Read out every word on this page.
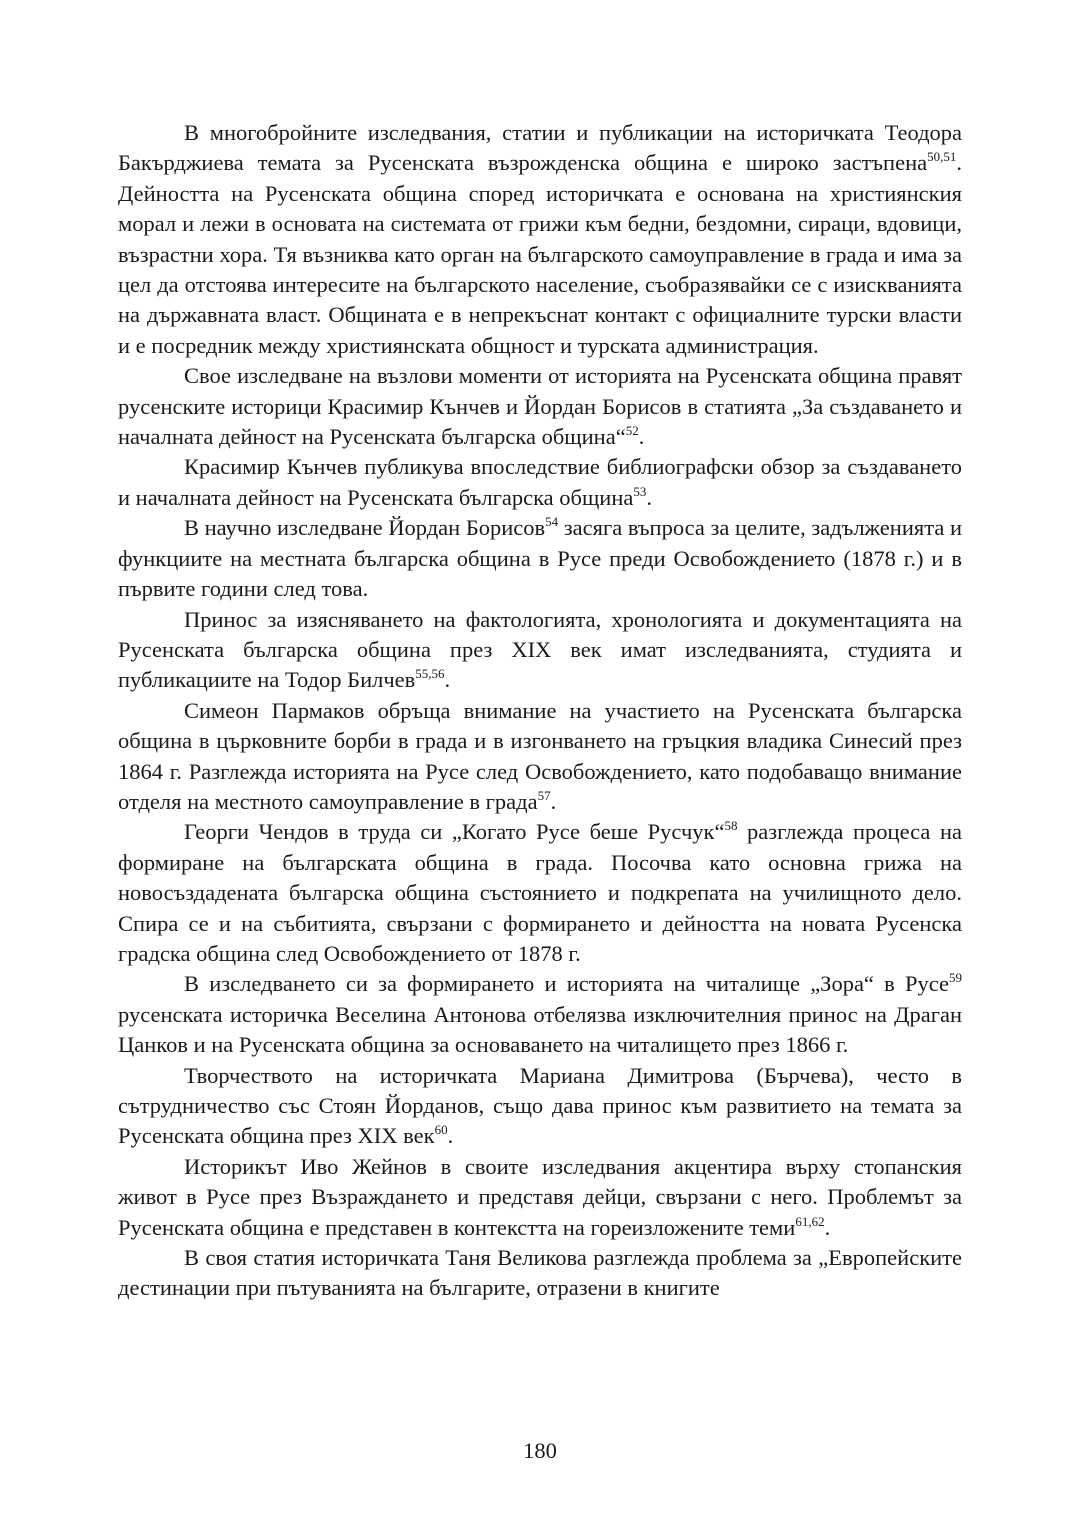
В многобройните изследвания, статии и публикации на историчката Теодора Бакърджиева темата за Русенската възрожденска община е широко застъпена$^{50,51}$. Дейността на Русенската община според историчката е основана на християнския морал и лежи в основата на системата от грижи към бедни, бездомни, сираци, вдовици, възрастни хора. Тя възниква като орган на българското самоуправление в града и има за цел да отстоява интересите на българското население, съобразявайки се с изискванията на държавната власт. Общината е в непрекъснат контакт с официалните турски власти и е посредник между християнската общност и турската администрация.

Свое изследване на възлови моменти от историята на Русенската община правят русенските историци Красимир Кънчев и Йордан Борисов в статията „За създаването и началната дейност на Русенската българска община“$^{52}$.

Красимир Кънчев публикува впоследствие библиографски обзор за създаването и началната дейност на Русенската българска община$^{53}$.

В научно изследване Йордан Борисов$^{54}$ засяга въпроса за целите, задълженията и функциите на местната българска община в Русе преди Освобождението (1878 г.) и в първите години след това.

Принос за изясняването на фактологията, хронологията и документацията на Русенската българска община през XIX век имат изследванията, студията и публикациите на Тодор Билчев$^{55,56}$.

Симеон Пармаков обръща внимание на участието на Русенската българска община в църковните борби в града и в изгонването на гръцкия владика Синесий през 1864 г. Разглежда историята на Русе след Освобождението, като подобаващо внимание отделя на местното самоуправление в града$^{57}$.

Георги Чендов в труда си „Когато Русе беше Русчук“$^{58}$ разглежда процеса на формиране на българската община в града. Посочва като основна грижа на новосъздадената българска община състоянието и подкрепата на училищното дело. Спира се и на събитията, свързани с формирането и дейността на новата Русенска градска община след Освобождението от 1878 г.

В изследването си за формирането и историята на читалище „Зора“ в Русе$^{59}$ русенската историчка Веселина Антонова отбелязва изключителния принос на Драган Цанков и на Русенската община за основаването на читалището през 1866 г.

Творчеството на историчката Мариана Димитрова (Бърчева), често в сътрудничество със Стоян Йорданов, също дава принос към развитието на темата за Русенската община през XIX век$^{60}$.

Историкът Иво Жейнов в своите изследвания акцентира върху стопанския живот в Русе през Възраждането и представя дейци, свързани с него. Проблемът за Русенската община е представен в контекстта на гореизложените теми$^{61,62}$.

В своя статия историчката Таня Великова разглежда проблема за „Европейските дестинации при пътуванията на българите, отразени в книгите

180
